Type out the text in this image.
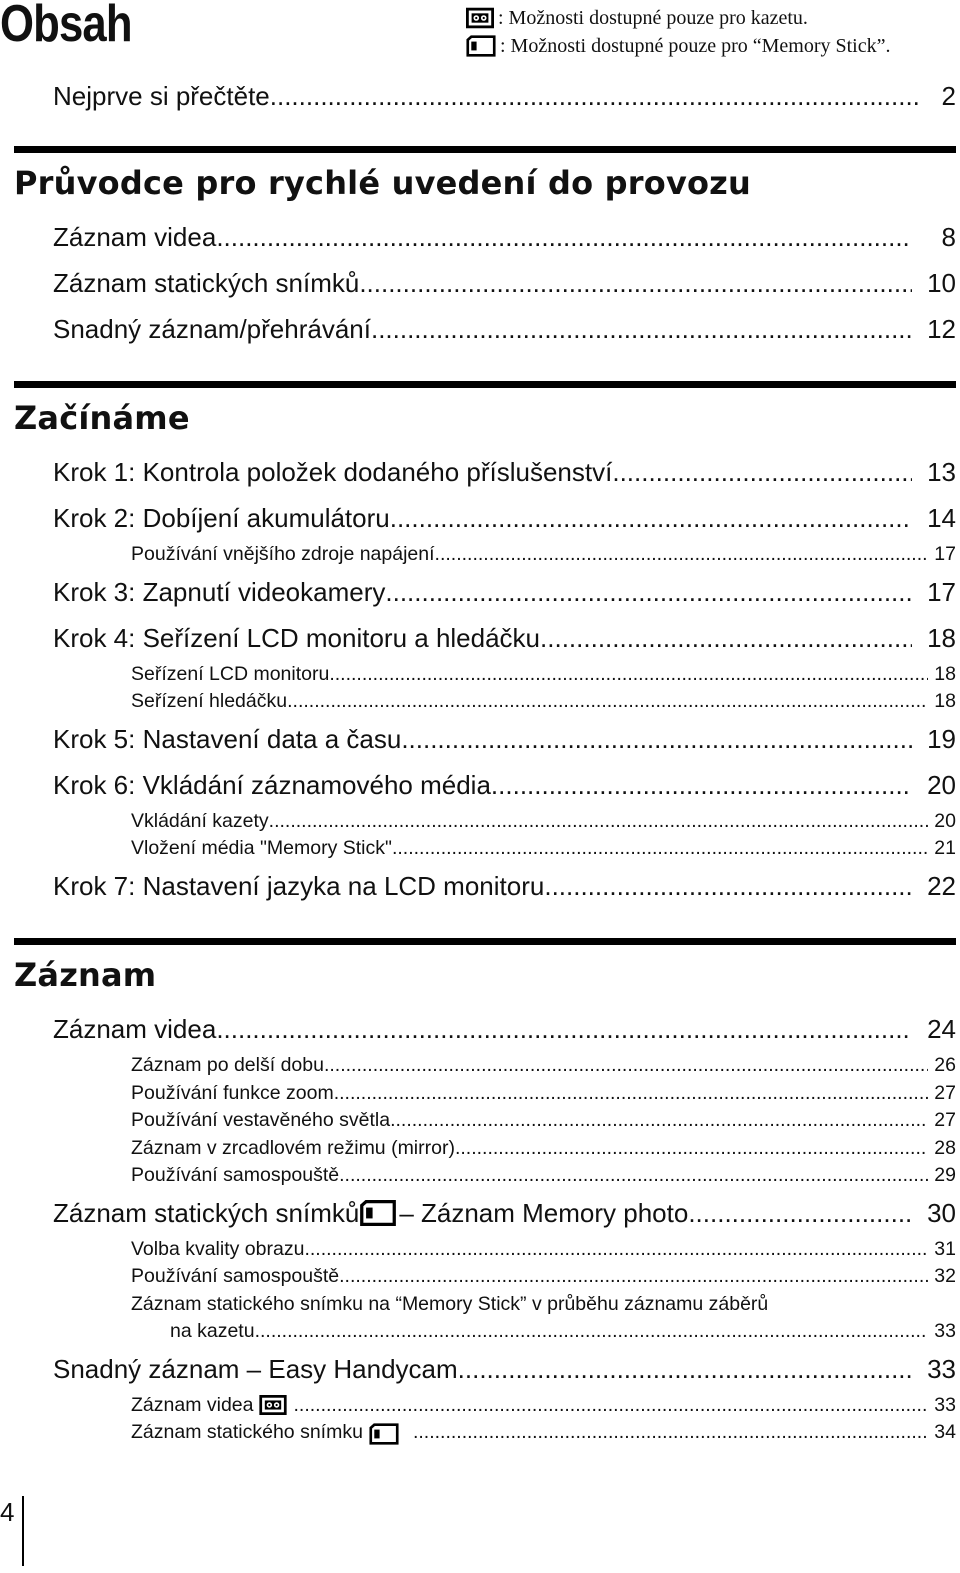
Obsah	: Možnosti dostupné pouze pro kazetu.
: Možnosti dostupné pouze pro “Memory Stick”.
Nejprve si přečtěte .....	2
Průvodce pro rychlé uvedení do provozu
Záznam videa .....	8
Záznam statických snímků .....	10
Snadný záznam/přehrávání .....	12
Začínáme
Krok 1: Kontrola položek dodaného příslušenství .....	13
Krok 2: Dobíjení akumulátoru .....	14
Používání vnějšího zdroje napájení .....	17
Krok 3: Zapnutí videokamery .....	17
Krok 4: Seřízení LCD monitoru a hledáčku .....	18
Seřízení LCD monitoru .....	18
Seřízení hledáčku .....	18
Krok 5: Nastavení data a času .....	19
Krok 6: Vkládání záznamového média .....	20
Vkládání kazety .....	20
Vložení média "Memory Stick" .....	21
Krok 7: Nastavení jazyka na LCD monitoru .....	22
Záznam
Záznam videa .....	24
Záznam po delší dobu .....	26
Používání funkce zoom .....	27
Používání vestavěného světla .....	27
Záznam v zrcadlovém režimu (mirror) .....	28
Používání samospouště .....	29
Záznam statických snímků – Záznam Memory photo .....	30
Volba kvality obrazu .....	31
Používání samospouště .....	32
Záznam statického snímku na “Memory Stick” v průběhu záznamu záběrů
na kazetu .....	33
Snadný záznam – Easy Handycam .....	33
Záznam videa .....	33
Záznam statického snímku .....	34
4
